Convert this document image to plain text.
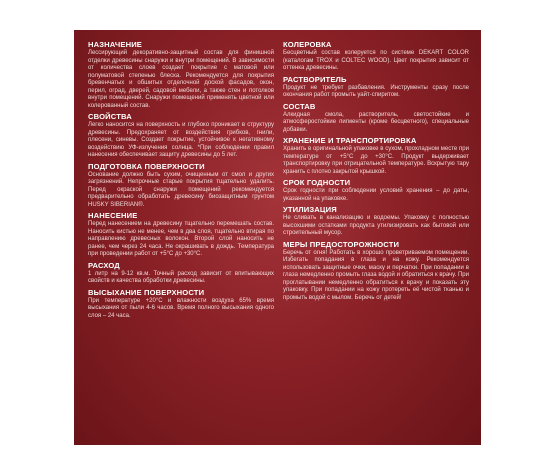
НАЗНАЧЕНИЕ

Лессирующий декоративно-защитный состав для финишной отделки древесины снаружи и внутри помещений. В зависимости от количества слоев создает покрытие с матовой или полуматовой степенью блеска. Рекомендуется для покрытия бревенчатых и обшитых отделочной доской фасадов, окон, перил, оград, дверей, садовой мебели, а также стен и потолков внутри помещений. Снаружи помещений применять цветной или колерованный состав.

СВОЙСТВА

Легко наносится на поверхность и глубоко проникает в структуру древесины. Предохраняет от воздействия грибков, гнили, плесени, синевы. Создает покрытие, устойчивое к негативному воздействию УФ-излучения солнца. *При соблюдении правил нанесения обеспечивает защиту древесины до 5 лет.

ПОДГОТОВКА ПОВЕРХНОСТИ

Основание должно быть сухим, очищенным от смол и других загрязнений. Непрочные старые покрытия тщательно удалить. Перед окраской снаружи помещений рекомендуется предварительно обработать древесину биозащитным грунтом HUSKY SIBERIAN®.

НАНЕСЕНИЕ

Перед нанесением на древесину тщательно перемешать состав. Наносить кистью не менее, чем в два слоя, тщательно втирая по направлению древесных волокон. Второй слой наносить не ранее, чем через 24 часа. Не окрашивать в дождь. Температура при проведении работ от +5°С до +30°С.

РАСХОД

1 литр на 9-12 кв.м. Точный расход зависит от впитывающих свойств и качества обработки древесины.

ВЫСЫХАНИЕ ПОВЕРХНОСТИ

При температуре +20°С и влажности воздуха 65% время высыхания от пыли 4-6 часов. Время полного высыхания одного слоя – 24 часа.

КОЛЕРОВКА

Бесцветный состав колеруется по системе DEKART COLOR (каталогам TROX и COLTEC WOOD). Цвет покрытия зависит от оттенка древесины.

РАСТВОРИТЕЛЬ

Продукт не требует разбавления. Инструменты сразу после окончания работ промыть уайт-спиритом.

СОСТАВ

Алкидная смола, растворитель, светостойкие и атмосферостойкие пигменты (кроме бесцветного), специальные добавки.

ХРАНЕНИЕ И ТРАНСПОРТИРОВКА

Хранить в оригинальной упаковке в сухом, прохладном месте при температуре от +5°С до +30°С. Продукт выдерживает транспортировку при отрицательной температуре. Вскрытую тару хранить с плотно закрытой крышкой.

СРОК ГОДНОСТИ

Срок годности при соблюдении условий хранения – до даты, указанной на упаковке.

УТИЛИЗАЦИЯ

Не сливать в канализацию и водоемы. Упаковку с полностью высохшими остатками продукта утилизировать как бытовой или строительный мусор.

МЕРЫ ПРЕДОСТОРОЖНОСТИ

Беречь от огня! Работать в хорошо проветриваемом помещении. Избегать попадания в глаза и на кожу. Рекомендуется использовать защитные очки, маску и перчатки. При попадании в глаза немедленно промыть глаза водой и обратиться к врачу. При проглатывании немедленно обратиться к врачу и показать эту упаковку. При попадании на кожу протереть её чистой тканью и промыть водой с мылом. Беречь от детей!
